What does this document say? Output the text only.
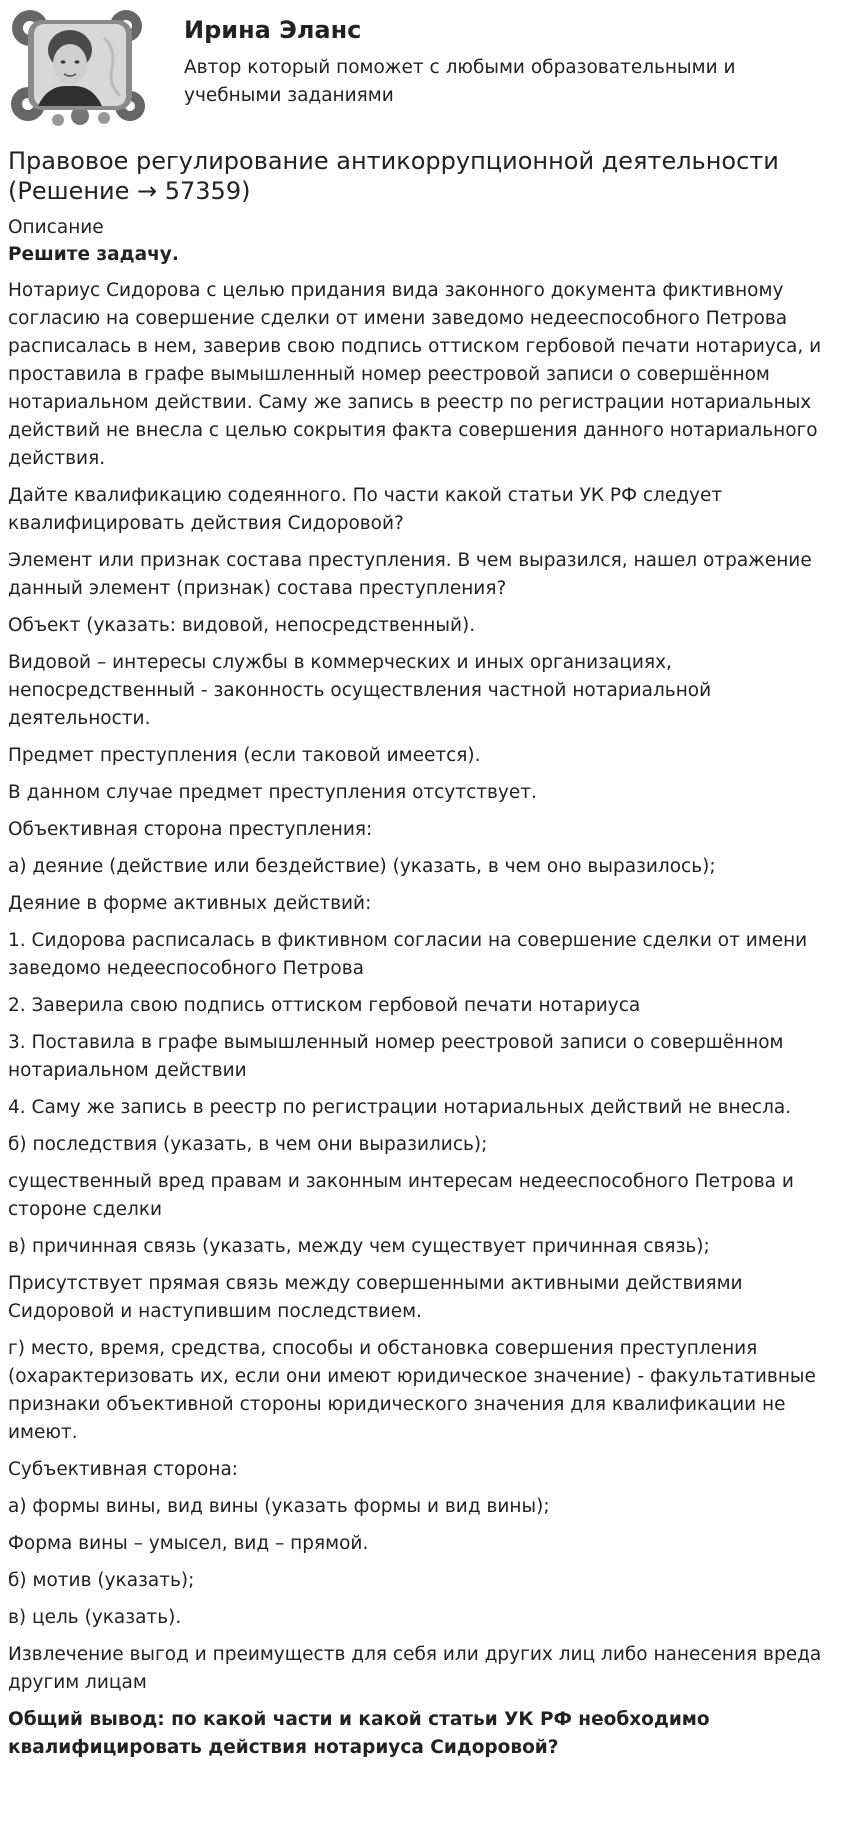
Ирина Эланс
Автор который поможет с любыми образовательными и учебными заданиями
Правовое регулирование антикоррупционной деятельности (Решение → 57359)
Описание
Решите задачу.

Нотариус Сидорова с целью придания вида законного документа фиктивному согласию на совершение сделки от имени заведомо недееспособного Петрова расписалась в нем, заверив свою подпись оттиском гербовой печати нотариуса, и проставила в графе вымышленный номер реестровой записи о совершённом нотариальном действии. Саму же запись в реестр по регистрации нотариальных действий не внесла с целью сокрытия факта совершения данного нотариального действия.

Дайте квалификацию содеянного. По части какой статьи УК РФ следует квалифицировать действия Сидоровой?

Элемент или признак состава преступления. В чем выразился, нашел отражение данный элемент (признак) состава преступления?

Объект (указать: видовой, непосредственный).

Видовой – интересы службы в коммерческих и иных организациях, непосредственный - законность осуществления частной нотариальной деятельности.

Предмет преступления (если таковой имеется).

В данном случае предмет преступления отсутствует.

Объективная сторона преступления:

а) деяние (действие или бездействие) (указать, в чем оно выразилось);

Деяние в форме активных действий:

1. Сидорова расписалась в фиктивном согласии на совершение сделки от имени заведомо недееспособного Петрова

2. Заверила свою подпись оттиском гербовой печати нотариуса

3. Поставила в графе вымышленный номер реестровой записи о совершённом нотариальном действии

4. Саму же запись в реестр по регистрации нотариальных действий не внесла.

б) последствия (указать, в чем они выразились);

существенный вред правам и законным интересам недееспособного Петрова и стороне сделки

в) причинная связь (указать, между чем существует причинная связь);

Присутствует прямая связь между совершенными активными действиями Сидоровой и наступившим последствием.

г) место, время, средства, способы и обстановка совершения преступления (охарактеризовать их, если они имеют юридическое значение) - факультативные признаки объективной стороны юридического значения для квалификации не имеют.

Субъективная сторона:

а) формы вины, вид вины (указать формы и вид вины);

Форма вины – умысел, вид – прямой.

б) мотив (указать);

в) цель (указать).

Извлечение выгод и преимуществ для себя или других лиц либо нанесения вреда другим лицам

Общий вывод: по какой части и какой статьи УК РФ необходимо квалифицировать действия нотариуса Сидоровой?
